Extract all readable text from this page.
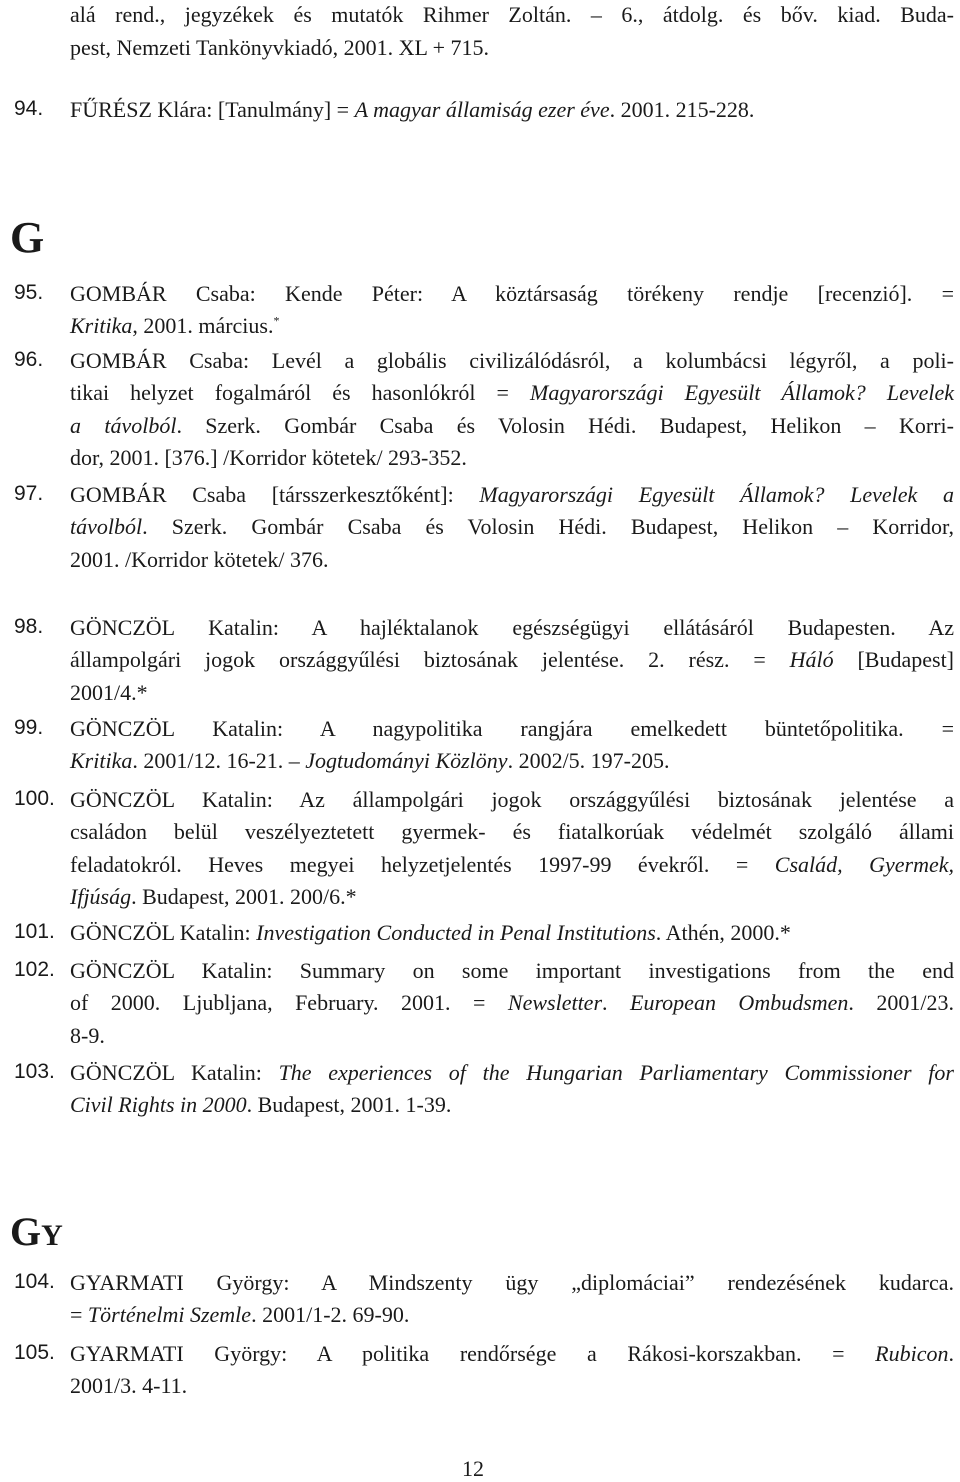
alá rend., jegyzékek és mutatók Rihmer Zoltán. – 6., átdolg. és bőv. kiad. Buda-
pest, Nemzeti Tankönyvkiadó, 2001. XL + 715.
94. FŰRÉSZ Klára: [Tanulmány] = A magyar államiság ezer éve. 2001. 215-228.
G
95. GOMBÁR Csaba: Kende Péter: A köztársaság törékeny rendje [recenzió]. =
Kritika, 2001. március.*
96. GOMBÁR Csaba: Levél a globális civilizálódásról, a kolumbácsi légyről, a poli-
tikai helyzet fogalmáról és hasonlókról = Magyarországi Egyesült Államok? Levelek
a távolból. Szerk. Gombár Csaba és Volosin Hédi. Budapest, Helikon – Korri-
dor, 2001. [376.] /Korridor kötetek/ 293-352.
97. GOMBÁR Csaba [társszerkesztőként]: Magyarországi Egyesült Államok? Levelek a
távolból. Szerk. Gombár Csaba és Volosin Hédi. Budapest, Helikon – Korridor,
2001. /Korridor kötetek/ 376.
98. GÖNCZÖL Katalin: A hajléktalanok egészségügyi ellátásáról Budapesten. Az
állampolgári jogok országgyűlési biztosának jelentése. 2. rész. = Háló [Budapest]
2001/4.*
99. GÖNCZÖL Katalin: A nagypolitika rangjára emelkedett büntetőpolitika. =
Kritika. 2001/12. 16-21. – Jogtudományi Közlöny. 2002/5. 197-205.
100. GÖNCZÖL Katalin: Az állampolgári jogok országgyűlési biztosának jelentése a
családon belül veszélyeztetett gyermek- és fiatalkorúak védelmét szolgáló állami
feladatokról. Heves megyei helyzetjelentés 1997-99 évekről. = Család, Gyermek,
Ifjúság. Budapest, 2001. 200/6.*
101. GÖNCZÖL Katalin: Investigation Conducted in Penal Institutions. Athén, 2000.*
102. GÖNCZÖL Katalin: Summary on some important investigations from the end
of 2000. Ljubljana, February. 2001. = Newsletter. European Ombudsmen. 2001/23.
8-9.
103. GÖNCZÖL Katalin: The experiences of the Hungarian Parliamentary Commissioner for
Civil Rights in 2000. Budapest, 2001. 1-39.
GY
104. GYARMATI György: A Mindszenty ügy „diplomáciai” rendezésének kudarca.
= Történelmi Szemle. 2001/1-2. 69-90.
105. GYARMATI György: A politika rendőrsége a Rákosi-korszakban. = Rubicon.
2001/3. 4-11.
12
